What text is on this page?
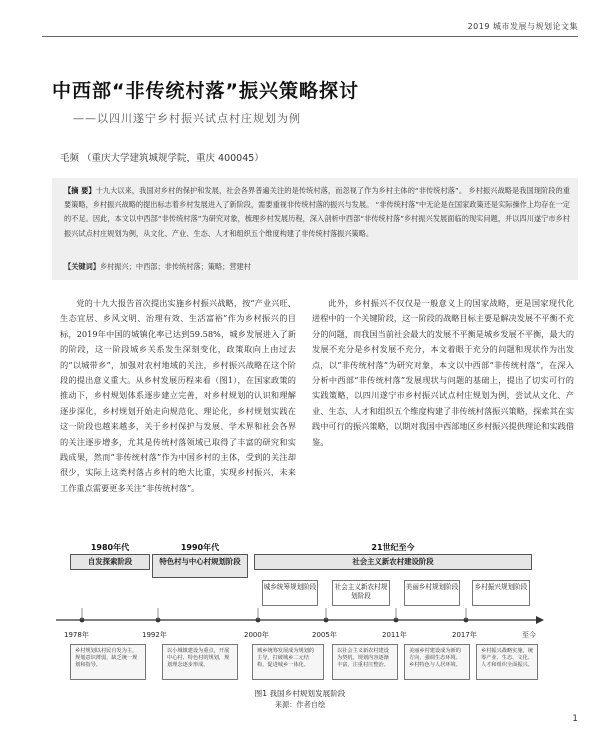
2019 城市发展与规划论文集
中西部“非传统村落”振兴策略探讨
——以四川遂宁乡村振兴试点村庄规划为例
毛频 （重庆大学建筑城规学院，重庆 400045）
【摘 要】十九大以来，我国对乡村的保护和发展，社会各界普遍关注的是传统村落，而忽视了作为乡村主体的“非传统村落”。 乡村振兴战略是我国现阶段的重要策略，乡村振兴战略的提出标志着乡村发展进入了新阶段，需要重视非传统村落的振兴与发展。 “非传统村落”中无论是在国家政策还是实际操作上均存在一定的不足。因此，本文以中西部“非传统村落”为研究对象，梳理乡村发展历程，深入剖析中西部“非传统村落”乡村振兴发展面临的现实问题，并以四川遂宁市乡村振兴试点村庄规划为例，从文化、产业、生态、人才和组织五个维度构建了非传统村落振兴策略。
【关键词】乡村振兴；中西部；非传统村落；策略；营建村

党的十九大报告首次提出实施乡村振兴战略，按“产业兴旺、生态宜居、乡风文明、治理有效、生活富裕”作为乡村振兴的目标，2019年中国的城镇化率已达到59.58%，城乡发展进入了新的阶段，这一阶段城乡关系发生深刻变化，政策取向上由过去的“以城带乡”，加强对农村地域的关注，乡村振兴战略在这个阶段的提出意义重大。从乡村发展历程来看（图1），在国家政策的推动下，乡村规划体系逐步建立完善，对乡村规划的认识和理解逐步深化，乡村规划开始走向规范化、理论化，乡村规划实践在这一阶段也越来越多，关于乡村保护与发展、学术界和社会各界的关注逐步增多，尤其是传统村落领域已取得了丰富的研究和实践成果，然而“非传统村落”作为中国乡村的主体，受到的关注却很少，实际上这类村落占乡村的绝大比重，实现乡村振兴，未来工作重点需要更多关注“非传统村落”。

此外，乡村振兴不仅仅是一般意义上的国家战略，更是国家现代化进程中的一个关键阶段，这一阶段的战略目标主要是解决发展不平衡不充分的问题，而我国当前社会最大的发展不平衡是城乡发展不平衡，最大的发展不充分是乡村发展不充分，本文着眼于充分的问题和现状作为出发点，以“非传统村落”为研究对象，本文以中西部“非传统村落”，在深入分析中西部“非传统村落”发展现状与问题的基础上，提出了切实可行的实践策略，以四川遂宁市乡村振兴试点村庄规划为例，尝试从文化、产业、生态、人才和组织五个维度构建了非传统村落振兴策略，探索其在实践中可行的振兴策略，以期对我国中西部地区乡村振兴提供理论和实践借鉴。

1980年代	1990年代	21世纪至今
自发探索阶段	特色村与中心村规划阶段	社会主义新农村建设阶段
城乡统筹规划阶段	社会主义新农村规划阶段
美丽乡村规划阶段	乡村振兴规划阶段
1978年	1992年	2000年	2005年	2011年	2017年	至今
乡村规划以村民自发为主，规划意识薄弱，缺乏统一规划和指导。
以小城镇建设为重点，开展中心村、特色村的规划，规划理念逐步形成。
城乡统筹发展成为规划的主导，打破城乡二元结构，促进城乡一体化。
以社会主义新农村建设为契机，规划内容逐渐丰富，注重村庄整治。
美丽乡村建设成为新的方向，强调生态环境、乡村特色与人居环境。
乡村振兴战略实施，统筹产业、生态、文化、人才和组织全面振兴。
图1 我国乡村规划发展阶段
来源：作者自绘
1
